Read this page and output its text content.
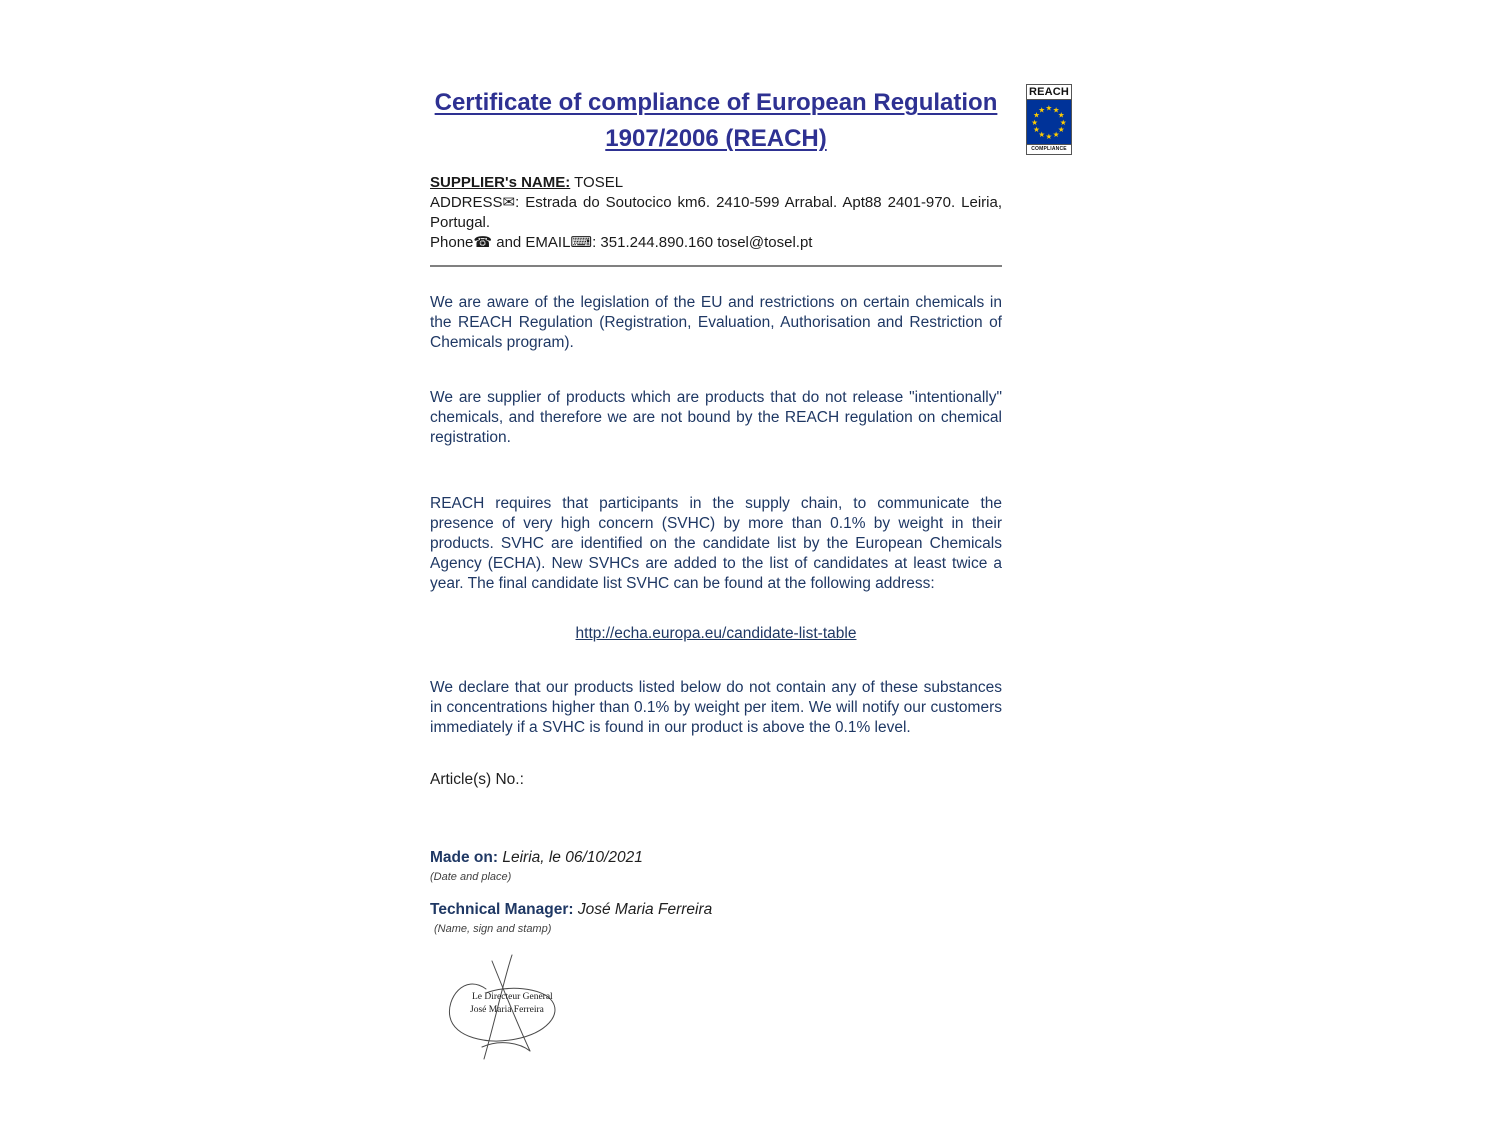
REACH
★ ★
★
★
★
★
★
★
★
★
★
★
COMPLIANCE
Certificate of compliance of European Regulation
1907/2006 (REACH)
SUPPLIER's NAME: TOSEL
ADDRESS✉: Estrada do Soutocico km6. 2410-599 Arrabal. Apt88 2401-970. Leiria, Portugal.
Phone☎ and EMAIL⌨: 351.244.890.160 tosel@tosel.pt

We are aware of the legislation of the EU and restrictions on certain chemicals in the REACH Regulation (Registration, Evaluation, Authorisation and Restriction of Chemicals program).

We are supplier of products which are products that do not release "intentionally" chemicals, and therefore we are not bound by the REACH regulation on chemical registration.

REACH requires that participants in the supply chain, to communicate the presence of very high concern (SVHC) by more than 0.1% by weight in their products. SVHC are identified on the candidate list by the European Chemicals Agency (ECHA). New SVHCs are added to the list of candidates at least twice a year. The final candidate list SVHC can be found at the following address:

http://echa.europa.eu/candidate-list-table

We declare that our products listed below do not contain any of these substances in concentrations higher than 0.1% by weight per item. We will notify our customers immediately if a SVHC is found in our product is above the 0.1% level.

Article(s) No.:
Made on: Leiria, le 06/10/2021
(Date and place)
Technical Manager: José Maria Ferreira
(Name, sign and stamp)
Le Directeur General
José Maria Ferreira
